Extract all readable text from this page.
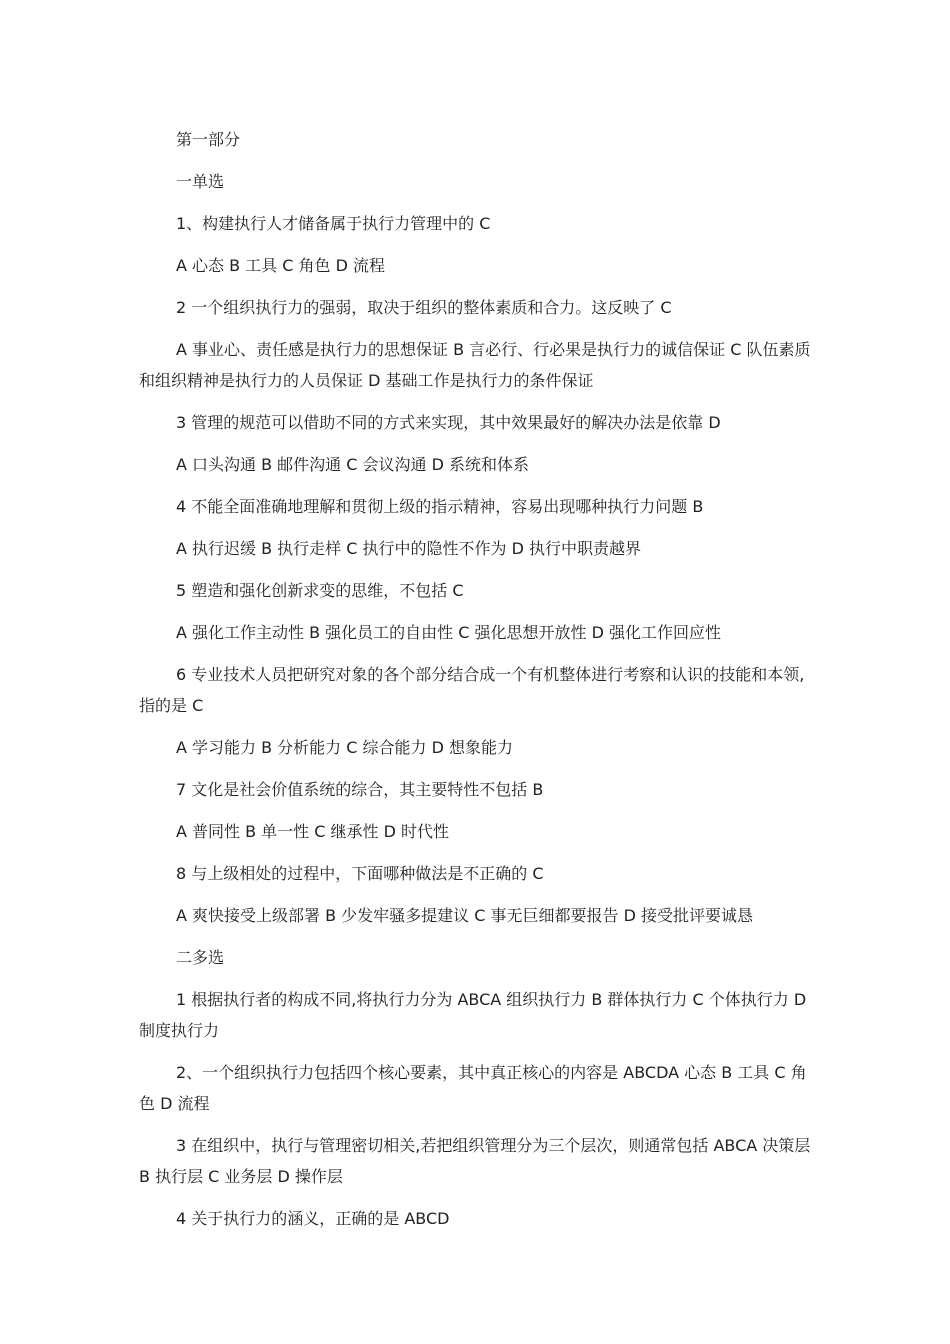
第一部分

一单选

1、构建执行人才储备属于执行力管理中的 C

A 心态 B 工具 C 角色 D 流程

2 一个组织执行力的强弱，取决于组织的整体素质和合力。这反映了 C

A 事业心、责任感是执行力的思想保证 B 言必行、行必果是执行力的诚信保证 C 队伍素质和组织精神是执行力的人员保证 D 基础工作是执行力的条件保证

3 管理的规范可以借助不同的方式来实现，其中效果最好的解决办法是依靠 D

A 口头沟通 B 邮件沟通 C 会议沟通 D 系统和体系

4 不能全面准确地理解和贯彻上级的指示精神，容易出现哪种执行力问题 B

A 执行迟缓 B 执行走样 C 执行中的隐性不作为 D 执行中职责越界

5 塑造和强化创新求变的思维，不包括 C

A 强化工作主动性 B 强化员工的自由性 C 强化思想开放性 D 强化工作回应性

6 专业技术人员把研究对象的各个部分结合成一个有机整体进行考察和认识的技能和本领,指的是 C

A 学习能力 B 分析能力 C 综合能力 D 想象能力

7 文化是社会价值系统的综合，其主要特性不包括 B

A 普同性 B 单一性 C 继承性 D 时代性

8 与上级相处的过程中，下面哪种做法是不正确的 C

A 爽快接受上级部署 B 少发牢骚多提建议 C 事无巨细都要报告 D 接受批评要诚恳

二多选

1 根据执行者的构成不同,将执行力分为 ABCA 组织执行力 B 群体执行力 C 个体执行力 D 制度执行力

2、一个组织执行力包括四个核心要素，其中真正核心的内容是 ABCDA 心态 B 工具 C 角色 D 流程

3 在组织中，执行与管理密切相关,若把组织管理分为三个层次，则通常包括 ABCA 决策层 B 执行层 C 业务层 D 操作层

4 关于执行力的涵义，正确的是 ABCD
